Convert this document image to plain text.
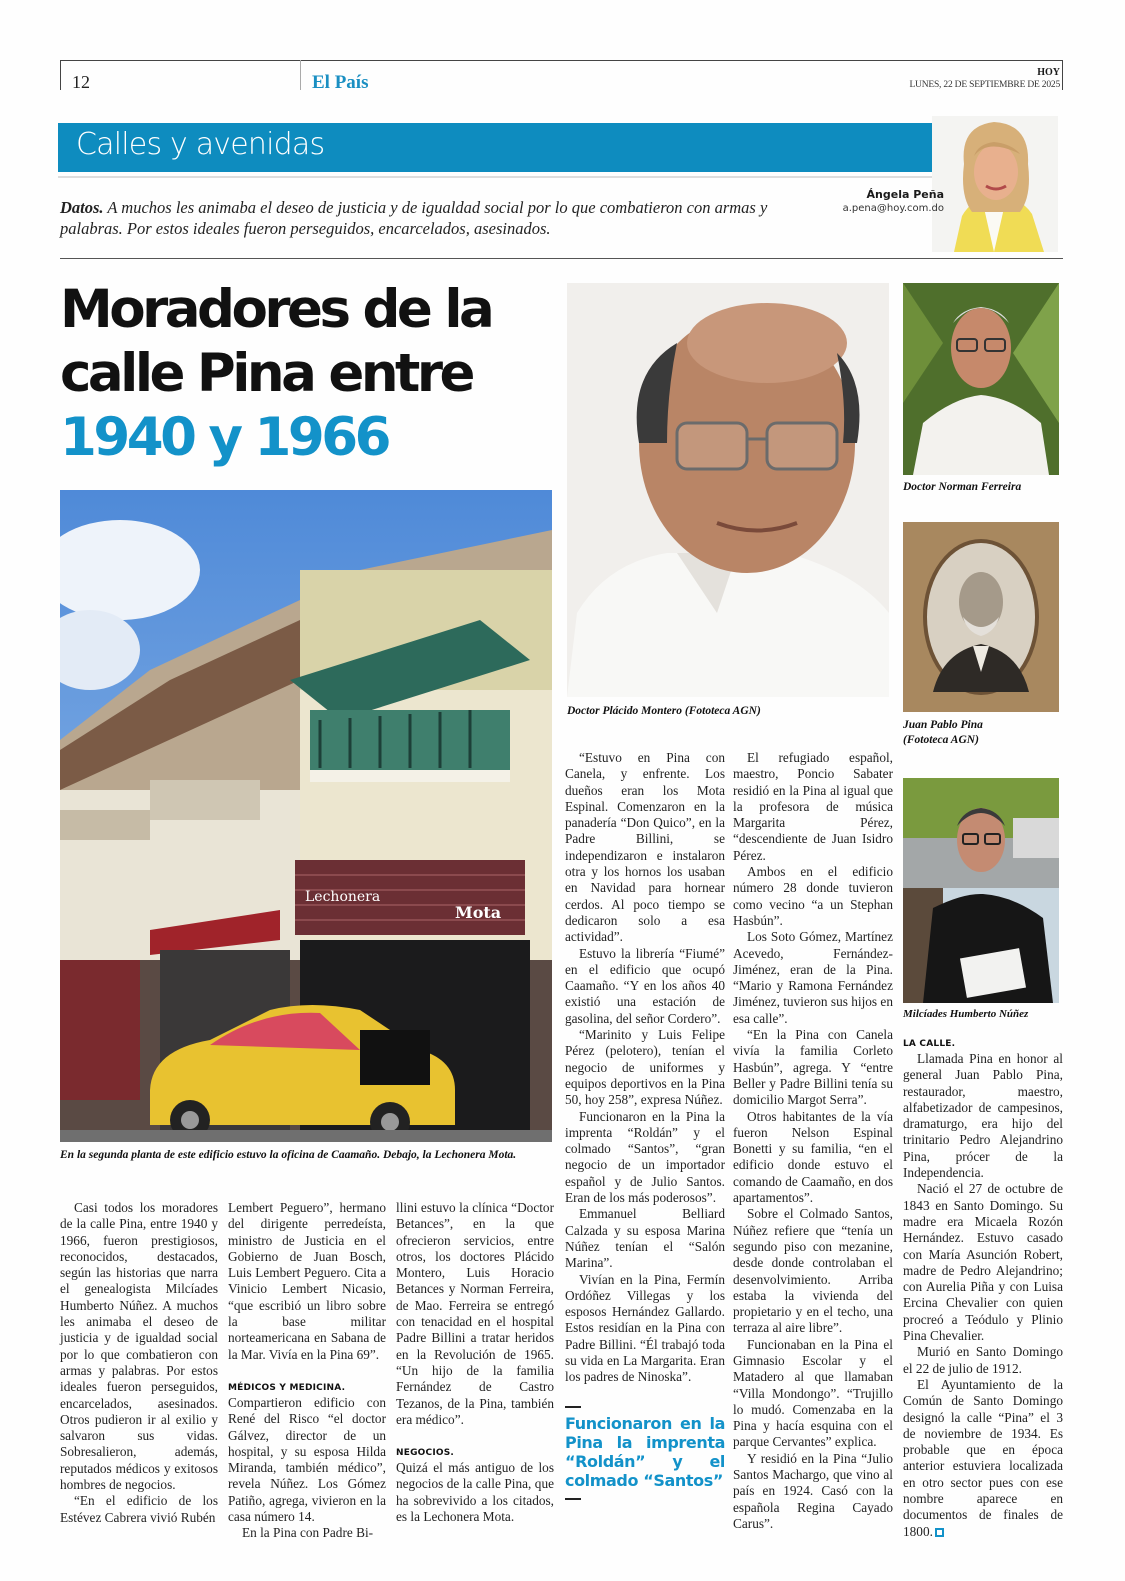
12	El País	HOY
LUNES, 22 DE SEPTIEMBRE DE 2025
Calles y avenidas
Ángela Peña
a.pena@hoy.com.do
Datos. A muchos les animaba el deseo de justicia y de igualdad social por lo que combatieron con armas y palabras. Por estos ideales fueron perseguidos, encarcelados, asesinados.
Moradores de la
calle Pina entre
1940 y 1966
Lechonera
Mota
En la segunda planta de este edificio estuvo la oficina de Caamaño. Debajo, la Lechonera Mota.
Doctor Plácido Montero (Fototeca AGN)
Doctor Norman Ferreira
Juan Pablo Pina
(Fototeca AGN)
Milcíades Humberto Núñez

Casi todos los moradores de la calle Pina, entre 1940 y 1966, fueron prestigiosos, reconocidos, destacados, según las historias que narra el genealogista Milcíades Humberto Núñez. A muchos les animaba el deseo de justicia y de igualdad social por lo que combatieron con armas y palabras. Por estos ideales fueron perseguidos, encarcelados, asesinados. Otros pudieron ir al exilio y salvaron sus vidas. Sobresalieron, además, reputados médicos y exitosos hombres de negocios.

“En el edificio de los Estévez Cabrera vivió Rubén

Lembert Peguero”, hermano del dirigente perredeísta, ministro de Justicia en el Gobierno de Juan Bosch, Luis Lembert Peguero. Cita a Vinicio Lembert Nicasio, “que escribió un libro sobre la base militar norteamericana en Sabana de la Mar. Vivía en la Pina 69”.

MÉDICOS Y MEDICINA.

Compartieron edificio con René del Risco “el doctor Gálvez, director de un hospital, y su esposa Hilda Miranda, también médico”, revela Núñez. Los Gómez Patiño, agrega, vivieron en la casa número 14.

En la Pina con Padre Bi-

llini estuvo la clínica “Doctor Betances”, en la que ofrecieron servicios, entre otros, los doctores Plácido Montero, Luis Horacio Betances y Norman Ferreira, de Mao. Ferreira se entregó con tenacidad en el hospital Padre Billini a tratar heridos en la Revolución de 1965. “Un hijo de la familia Fernández de Castro Tezanos, de la Pina, también era médico”.

NEGOCIOS.

Quizá el más antiguo de los negocios de la calle Pina, que ha sobrevivido a los citados, es la Lechonera Mota.

“Estuvo en Pina con Canela, y enfrente. Los dueños eran los Mota Espinal. Comenzaron en la panadería “Don Quico”, en la Padre Billini, se independizaron e instalaron otra y los hornos los usaban en Navidad para hornear cerdos. Al poco tiempo se dedicaron solo a esa actividad”.

Estuvo la librería “Fiumé” en el edificio que ocupó Caamaño. “Y en los años 40 existió una estación de gasolina, del señor Cordero”.

“Marinito y Luis Felipe Pérez (pelotero), tenían el negocio de uniformes y equipos deportivos en la Pina 50, hoy 258”, expresa Núñez.

Funcionaron en la Pina la imprenta “Roldán” y el colmado “Santos”, “gran negocio de un importador español y de Julio Santos. Eran de los más poderosos”.

Emmanuel Belliard Calzada y su esposa Marina Núñez tenían el “Salón Marina”.

Vivían en la Pina, Fermín Ordóñez Villegas y los esposos Hernández Gallardo. Estos residían en la Pina con Padre Billini. “Él trabajó toda su vida en La Margarita. Eran los padres de Ninoska”.

Funcionaron en la Pina la imprenta “Roldán” y el colmado “Santos”

El refugiado español, maestro, Poncio Sabater residió en la Pina al igual que la profesora de música Margarita Pérez, “descendiente de Juan Isidro Pérez.

Ambos en el edificio número 28 donde tuvieron como vecino “a un Stephan Hasbún”.

Los Soto Gómez, Martínez Acevedo, Fernández-Jiménez, eran de la Pina. “Mario y Ramona Fernández Jiménez, tuvieron sus hijos en esa calle”.

“En la Pina con Canela vivía la familia Corleto Hasbún”, agrega. Y “entre Beller y Padre Billini tenía su domicilio Margot Serra”.

Otros habitantes de la vía fueron Nelson Espinal Bonetti y su familia, “en el edificio donde estuvo el comando de Caamaño, en dos apartamentos”.

Sobre el Colmado Santos, Núñez refiere que “tenía un segundo piso con mezanine, desde donde controlaban el desenvolvimiento. Arriba estaba la vivienda del propietario y en el techo, una terraza al aire libre”.

Funcionaban en la Pina el Gimnasio Escolar y el Matadero al que llamaban “Villa Mondongo”. “Trujillo lo mudó. Comenzaba en la Pina y hacía esquina con el parque Cervantes” explica.

Y residió en la Pina “Julio Santos Machargo, que vino al país en 1924. Casó con la española Regina Cayado Carus”.

LA CALLE.

Llamada Pina en honor al general Juan Pablo Pina, restaurador, maestro, alfabetizador de campesinos, dramaturgo, era hijo del trinitario Pedro Alejandrino Pina, prócer de la Independencia.

Nació el 27 de octubre de 1843 en Santo Domingo. Su madre era Micaela Rozón Hernández. Estuvo casado con María Asunción Robert, madre de Pedro Alejandrino; con Aurelia Piña y con Luisa Ercina Chevalier con quien procreó a Teódulo y Plinio Pina Chevalier.

Murió en Santo Domingo el 22 de julio de 1912.

El Ayuntamiento de la Común de Santo Domingo designó la calle “Pina” el 3 de noviembre de 1934. Es probable que en época anterior estuviera localizada en otro sector pues con ese nombre aparece en documentos de finales de 1800.
